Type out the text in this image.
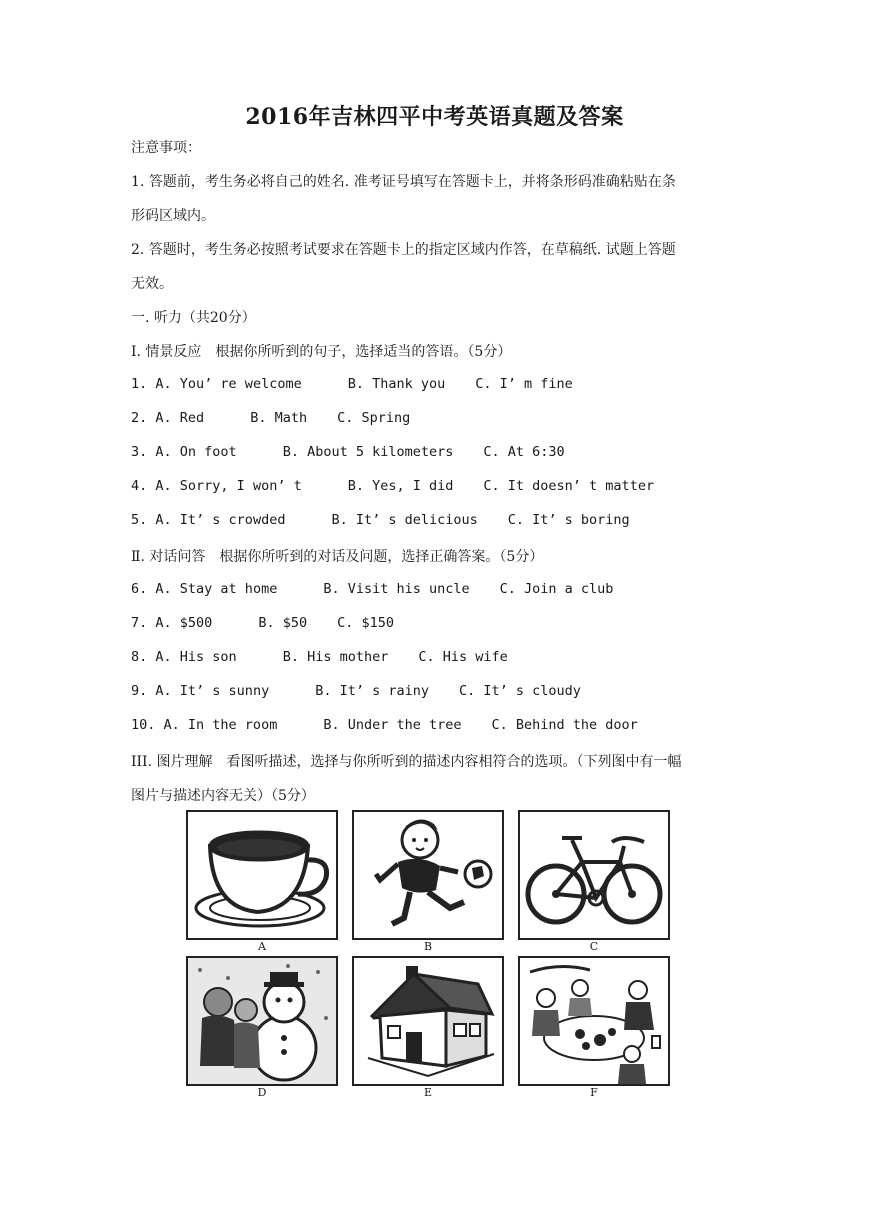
2016年吉林四平中考英语真题及答案
注意事项：
1. 答题前，考生务必将自己的姓名. 准考证号填写在答题卡上，并将条形码准确粘贴在条
形码区域内。
2. 答题时，考生务必按照考试要求在答题卡上的指定区域内作答，在草稿纸. 试题上答题
无效。
一. 听力（共20分）
Ⅰ. 情景反应　根据你所听到的句子，选择适当的答语。（5分）
1. A. You’ re welcome	B. Thank you C. I’ m fine
2. A. Red	B. Math C. Spring
3. A. On foot	B. About 5 kilometers C. At 6:30
4. A. Sorry, I won’ t	B. Yes, I did C. It doesn’ t matter
5. A. It’ s crowded	B. It’ s delicious C. It’ s boring
Ⅱ. 对话问答　根据你所听到的对话及问题，选择正确答案。（5分）
6. A. Stay at home	B. Visit his uncle C. Join a club
7. A. $500	B. $50 C. $150
8. A. His son	B. His mother C. His wife
9. A. It’ s sunny	B. It’ s rainy C. It’ s cloudy
10. A. In the room	B. Under the tree C. Behind the door
III. 图片理解　看图听描述，选择与你所听到的描述内容相符合的选项。（下列图中有一幅
图片与描述内容无关）（5分）
A	B	C
D	E	F
